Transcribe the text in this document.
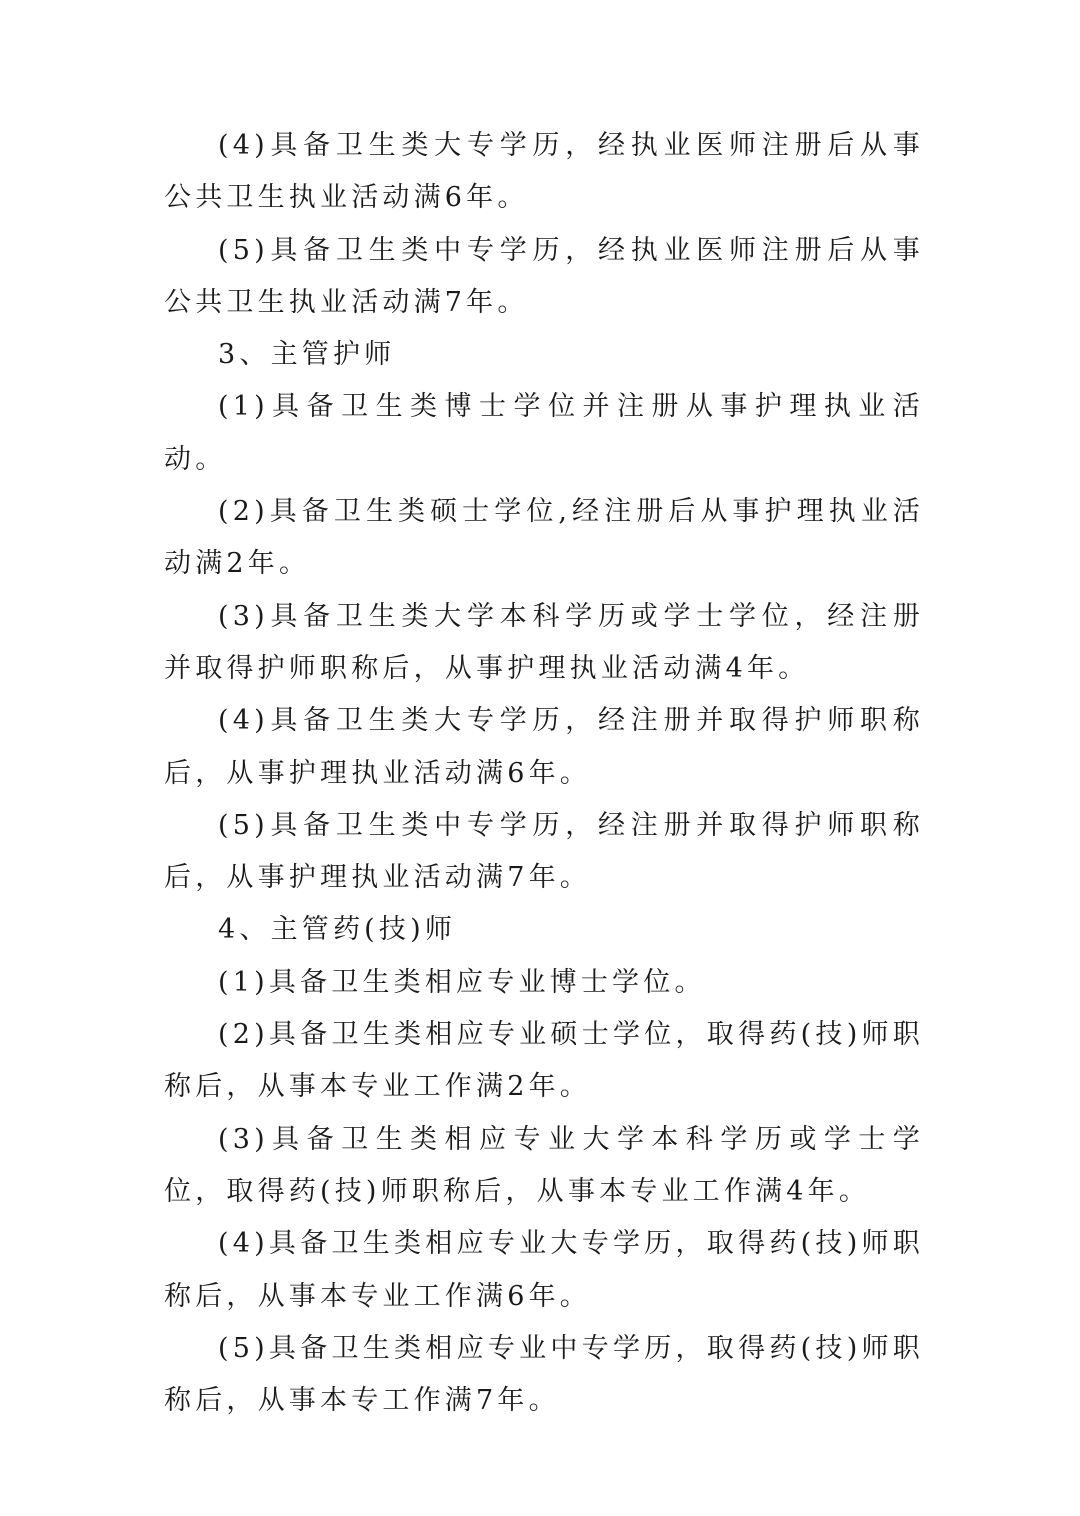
(4)具备卫生类大专学历，经执业医师注册后从事公共卫生执业活动满6年。

(5)具备卫生类中专学历，经执业医师注册后从事公共卫生执业活动满7年。

3、主管护师

(1)具备卫生类博士学位并注册从事护理执业活动。

(2)具备卫生类硕士学位,经注册后从事护理执业活动满2年。

(3)具备卫生类大学本科学历或学士学位，经注册并取得护师职称后，从事护理执业活动满4年。

(4)具备卫生类大专学历，经注册并取得护师职称后，从事护理执业活动满6年。

(5)具备卫生类中专学历，经注册并取得护师职称后，从事护理执业活动满7年。

4、主管药(技)师

(1)具备卫生类相应专业博士学位。

(2)具备卫生类相应专业硕士学位，取得药(技)师职称后，从事本专业工作满2年。

(3)具备卫生类相应专业大学本科学历或学士学位，取得药(技)师职称后，从事本专业工作满4年。

(4)具备卫生类相应专业大专学历，取得药(技)师职称后，从事本专业工作满6年。

(5)具备卫生类相应专业中专学历，取得药(技)师职称后，从事本专工作满7年。
